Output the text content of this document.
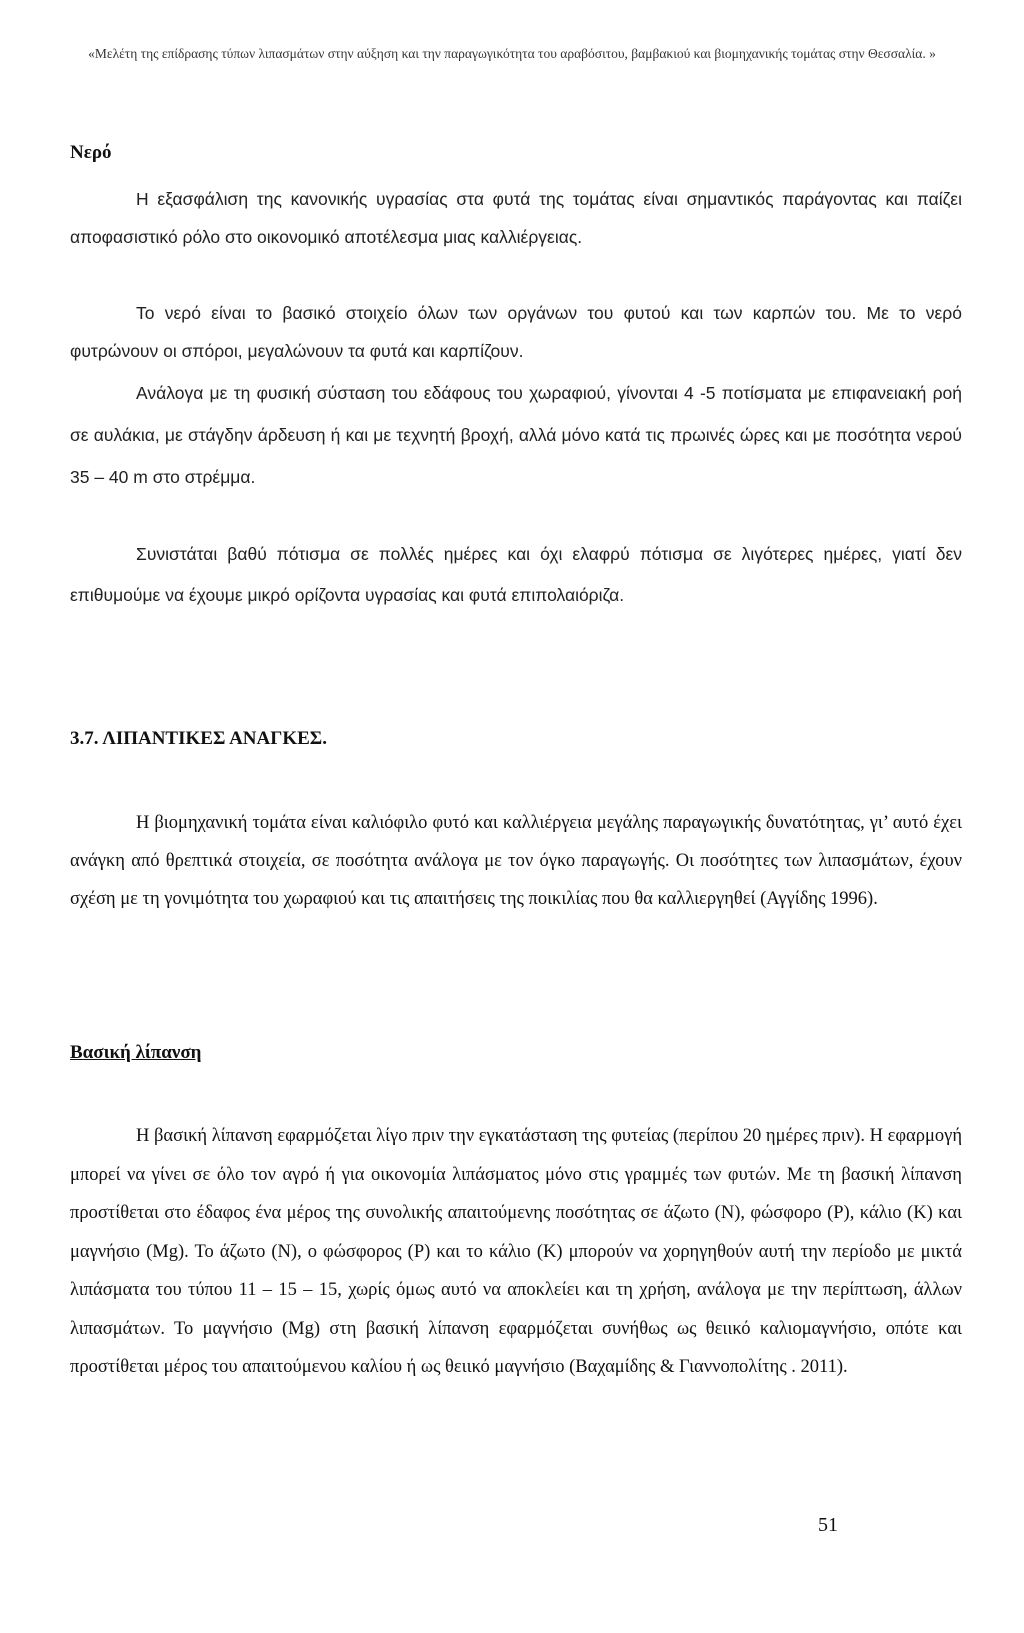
«Μελέτη της επίδρασης τύπων λιπασμάτων στην αύξηση και την παραγωγικότητα του αραβόσιτου, βαμβακιού και βιομηχανικής τομάτας στην Θεσσαλία. »
Νερό

Η εξασφάλιση της κανονικής υγρασίας στα φυτά της τομάτας είναι σημαντικός παράγοντας και παίζει αποφασιστικό ρόλο στο οικονομικό αποτέλεσμα μιας καλλιέργειας.

Το νερό είναι το βασικό στοιχείο όλων των οργάνων του φυτού και των καρπών του. Με το νερό φυτρώνουν οι σπόροι, μεγαλώνουν τα φυτά και καρπίζουν.

Ανάλογα με τη φυσική σύσταση του εδάφους του χωραφιού, γίνονται 4 -5 ποτίσματα με επιφανειακή ροή σε αυλάκια, με στάγδην άρδευση ή και με τεχνητή βροχή, αλλά μόνο κατά τις πρωινές ώρες και με ποσότητα νερού 35 – 40 m στο στρέμμα.

Συνιστάται βαθύ πότισμα σε πολλές ημέρες και όχι ελαφρύ πότισμα σε λιγότερες ημέρες, γιατί δεν επιθυμούμε να έχουμε μικρό ορίζοντα υγρασίας και φυτά επιπολαιόριζα.

3.7. ΛΙΠΑΝΤΙΚΕΣ ΑΝΑΓΚΕΣ.

Η βιομηχανική τομάτα είναι καλιόφιλο φυτό και καλλιέργεια μεγάλης παραγωγικής δυνατότητας, γι’ αυτό έχει ανάγκη από θρεπτικά στοιχεία, σε ποσότητα ανάλογα με τον όγκο παραγωγής. Οι ποσότητες των λιπασμάτων, έχουν σχέση με τη γονιμότητα του χωραφιού και τις απαιτήσεις της ποικιλίας που θα καλλιεργηθεί (Αγγίδης 1996).

Βασική λίπανση

Η βασική λίπανση εφαρμόζεται λίγο πριν την εγκατάσταση της φυτείας (περίπου 20 ημέρες πριν). Η εφαρμογή μπορεί να γίνει σε όλο τον αγρό ή για οικονομία λιπάσματος μόνο στις γραμμές των φυτών. Με τη βασική λίπανση προστίθεται στο έδαφος ένα μέρος της συνολικής απαιτούμενης ποσότητας σε άζωτο (N), φώσφορο (P), κάλιο (K) και μαγνήσιο (Mg). Το άζωτο (N), ο φώσφορος (P) και το κάλιο (K) μπορούν να χορηγηθούν αυτή την περίοδο με μικτά λιπάσματα του τύπου 11 – 15 – 15, χωρίς όμως αυτό να αποκλείει και τη χρήση, ανάλογα με την περίπτωση, άλλων λιπασμάτων. Το μαγνήσιο (Mg) στη βασική λίπανση εφαρμόζεται συνήθως ως θειικό καλιομαγνήσιο, οπότε και προστίθεται μέρος του απαιτούμενου καλίου ή ως θειικό μαγνήσιο (Βαχαμίδης & Γιαννοπολίτης . 2011).

51
